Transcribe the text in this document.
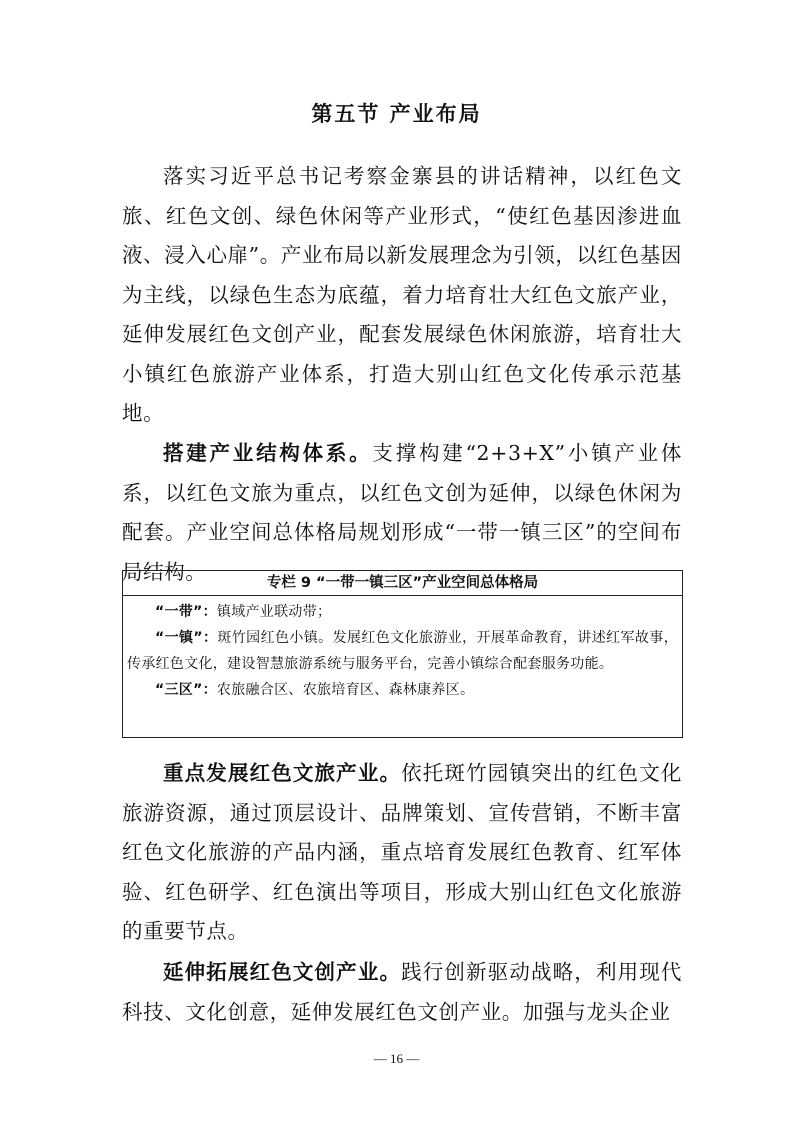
第五节 产业布局
落实习近平总书记考察金寨县的讲话精神，以红色文旅、红色文创、绿色休闲等产业形式，“使红色基因渗进血液、浸入心扉”。产业布局以新发展理念为引领，以红色基因为主线，以绿色生态为底蕴，着力培育壮大红色文旅产业，延伸发展红色文创产业，配套发展绿色休闲旅游，培育壮大小镇红色旅游产业体系，打造大别山红色文化传承示范基地。
搭建产业结构体系。支撑构建“2+3+X”小镇产业体系，以红色文旅为重点，以红色文创为延伸，以绿色休闲为配套。产业空间总体格局规划形成“一带一镇三区”的空间布局结构。	专栏 9 “一带一镇三区”产业空间总体格局
“一带”：镇域产业联动带；
“一镇”：斑竹园红色小镇。发展红色文化旅游业，开展革命教育，讲述红军故事，传承红色文化，建设智慧旅游系统与服务平台，完善小镇综合配套服务功能。
“三区”：农旅融合区、农旅培育区、森林康养区。
重点发展红色文旅产业。依托斑竹园镇突出的红色文化旅游资源，通过顶层设计、品牌策划、宣传营销，不断丰富红色文化旅游的产品内涵，重点培育发展红色教育、红军体验、红色研学、红色演出等项目，形成大别山红色文化旅游的重要节点。
延伸拓展红色文创产业。践行创新驱动战略，利用现代科技、文化创意，延伸发展红色文创产业。加强与龙头企业
— 16 —
